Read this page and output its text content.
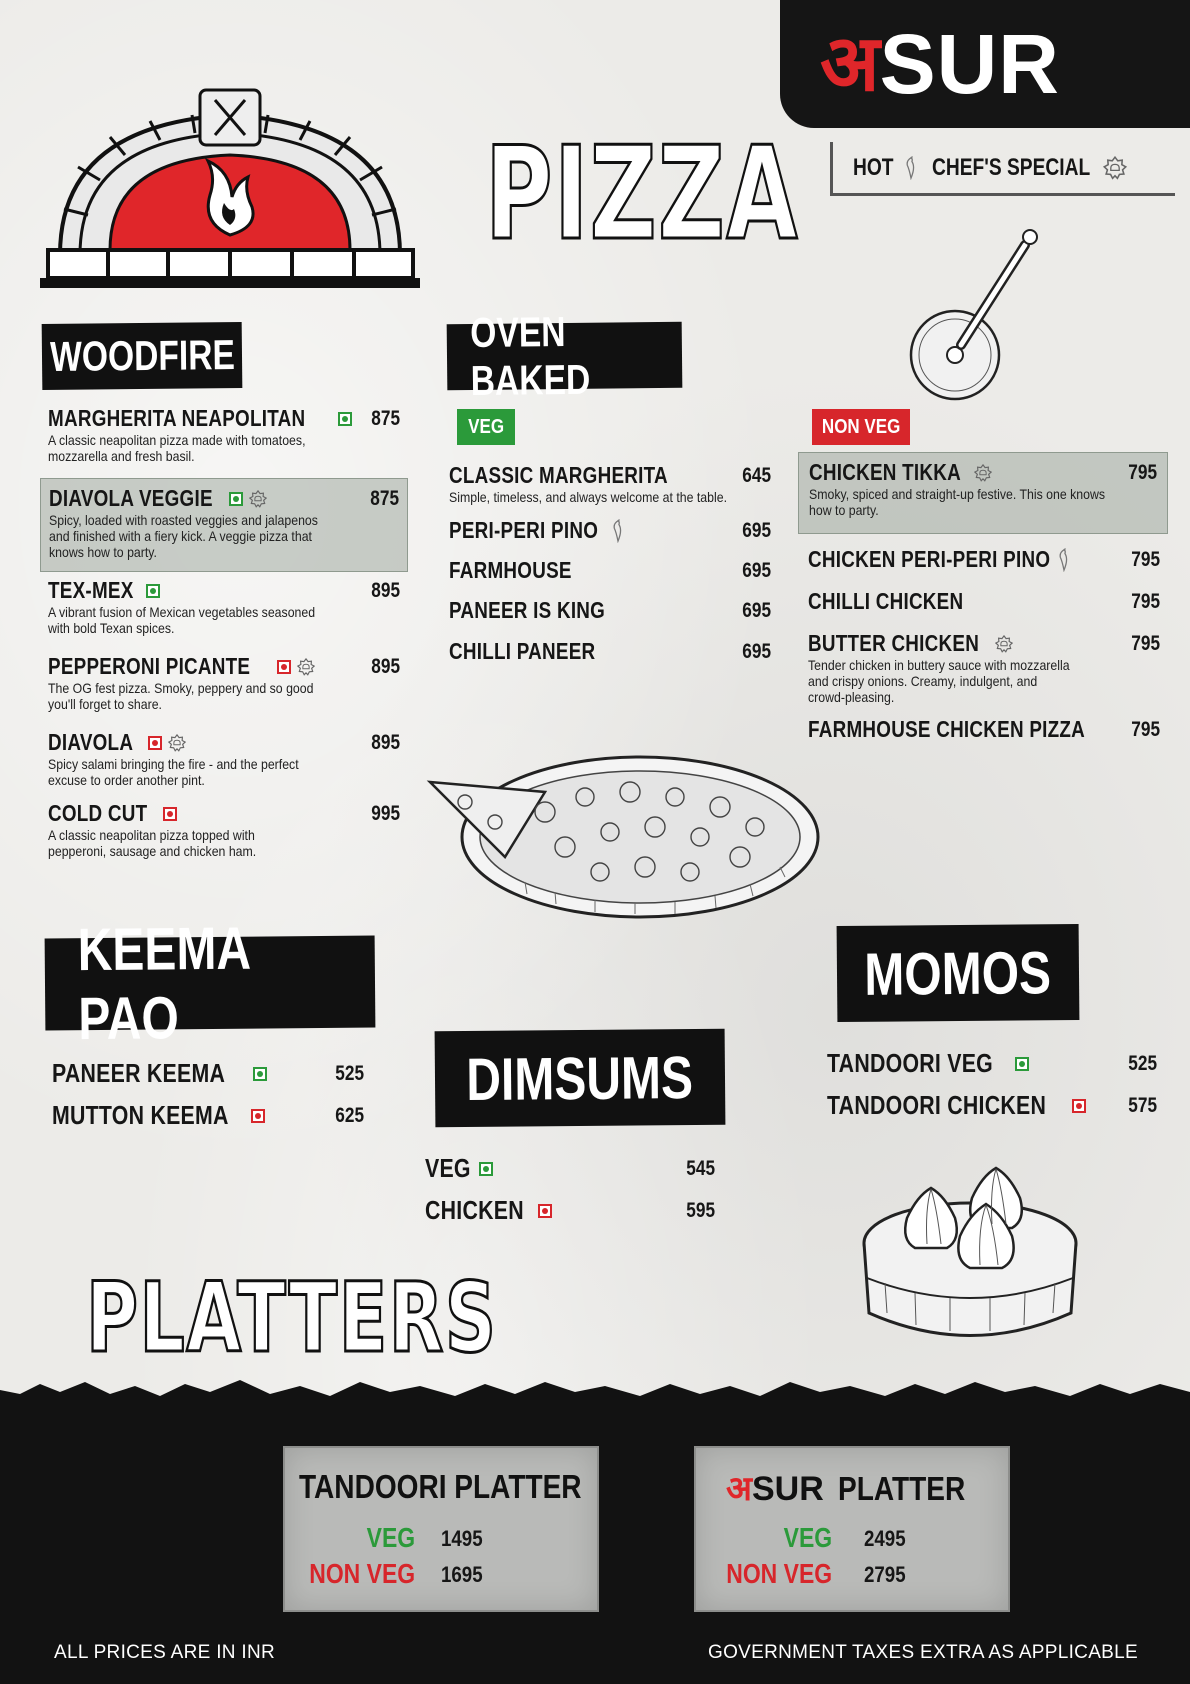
अ SUR
HOT CHEF'S SPECIAL
PIZZA
WOODFIRE
MARGHERITA NEAPOLITAN	875
A classic neapolitan pizza made with tomatoes, mozzarella and fresh basil.
DIAVOLA VEGGIE	875
Spicy, loaded with roasted veggies and jalapenos and finished with a fiery kick. A veggie pizza that knows how to party.
TEX-MEX	895
A vibrant fusion of Mexican vegetables seasoned with bold Texan spices.
PEPPERONI PICANTE	895
The OG fest pizza. Smoky, peppery and so good you'll forget to share.
DIAVOLA	895
Spicy salami bringing the fire - and the perfect excuse to order another pint.
COLD CUT	995
A classic neapolitan pizza topped with pepperoni, sausage and chicken ham.
OVEN BAKED
VEG	NON VEG
CLASSIC MARGHERITA	645
Simple, timeless, and always welcome at the table.
PERI-PERI PINO	695
FARMHOUSE	695
PANEER IS KING	695
CHILLI PANEER	695
CHICKEN TIKKA	795
Smoky, spiced and straight-up festive. This one knows how to party.
CHICKEN PERI-PERI PINO	795
CHILLI CHICKEN	795
BUTTER CHICKEN	795
Tender chicken in buttery sauce with mozzarella and crispy onions. Creamy, indulgent, and crowd-pleasing.
FARMHOUSE CHICKEN PIZZA 795
KEEMA PAO
PANEER KEEMA	525
MUTTON KEEMA	625
DIMSUMS
VEG	545
CHICKEN	595
MOMOS
TANDOORI VEG	525
TANDOORI CHICKEN	575
PLATTERS
TANDOORI PLATTER
VEG 1495
NON VEG 1695
अ SUR PLATTER
VEG 2495
NON VEG 2795
ALL PRICES ARE IN INR	GOVERNMENT TAXES EXTRA AS APPLICABLE
